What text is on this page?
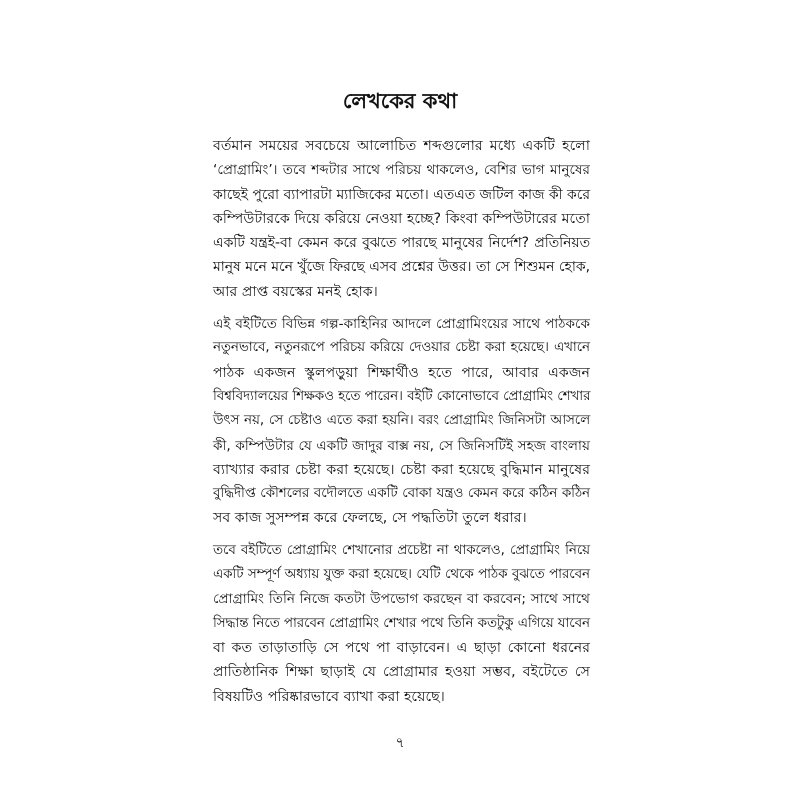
লেখকের কথা

বর্তমান সময়ের সবচেয়ে আলোচিত শব্দগুলোর মধ্যে একটি হলো
‘প্রোগ্রামিং’। তবে শব্দটার সাথে পরিচয় থাকলেও, বেশির ভাগ মানুষের
কাছেই পুরো ব্যাপারটা ম্যাজিকের মতো। এতএত জটিল কাজ কী করে
কম্পিউটারকে দিয়ে করিয়ে নেওয়া হচ্ছে? কিংবা কম্পিউটারের মতো
একটি যন্ত্রই-বা কেমন করে বুঝতে পারছে মানুষের নির্দেশ? প্রতিনিয়ত
মানুষ মনে মনে খুঁজে ফিরছে এসব প্রশ্নের উত্তর। তা সে শিশুমন হোক,
আর প্রাপ্ত বয়স্কের মনই হোক।

এই বইটিতে বিভিন্ন গল্প-কাহিনির আদলে প্রোগ্রামিংয়ের সাথে পাঠককে
নতুনভাবে, নতুনরূপে পরিচয় করিয়ে দেওয়ার চেষ্টা করা হয়েছে। এখানে
পাঠক একজন স্কুলপড়ুয়া শিক্ষার্থীও হতে পারে, আবার একজন
বিশ্ববিদ্যালয়ের শিক্ষকও হতে পারেন। বইটি কোনোভাবে প্রোগ্রামিং শেখার
উৎস নয়, সে চেষ্টাও এতে করা হয়নি। বরং প্রোগ্রামিং জিনিসটা আসলে
কী, কম্পিউটার যে একটি জাদুর বাক্স নয়, সে জিনিসটিই সহজ বাংলায়
ব্যাখ্যার করার চেষ্টা করা হয়েছে। চেষ্টা করা হয়েছে বুদ্ধিমান মানুষের
বুদ্ধিদীপ্ত কৌশলের বদৌলতে একটি বোকা যন্ত্রও কেমন করে কঠিন কঠিন
সব কাজ সুসম্পন্ন করে ফেলছে, সে পদ্ধতিটা তুলে ধরার।

তবে বইটিতে প্রোগ্রামিং শেখানোর প্রচেষ্টা না থাকলেও, প্রোগ্রামিং নিয়ে
একটি সম্পূর্ণ অধ্যায় যুক্ত করা হয়েছে। যেটি থেকে পাঠক বুঝতে পারবেন
প্রোগ্রামিং তিনি নিজে কতটা উপভোগ করছেন বা করবেন; সাথে সাথে
সিদ্ধান্ত নিতে পারবেন প্রোগ্রামিং শেখার পথে তিনি কতটুকু এগিয়ে যাবেন
বা কত তাড়াতাড়ি সে পথে পা বাড়াবেন। এ ছাড়া কোনো ধরনের
প্রাতিষ্ঠানিক শিক্ষা ছাড়াই যে প্রোগ্রামার হওয়া সম্ভব, বইটেতে সে
বিষয়টিও পরিষ্কারভাবে ব্যাখা করা হয়েছে।

৭
